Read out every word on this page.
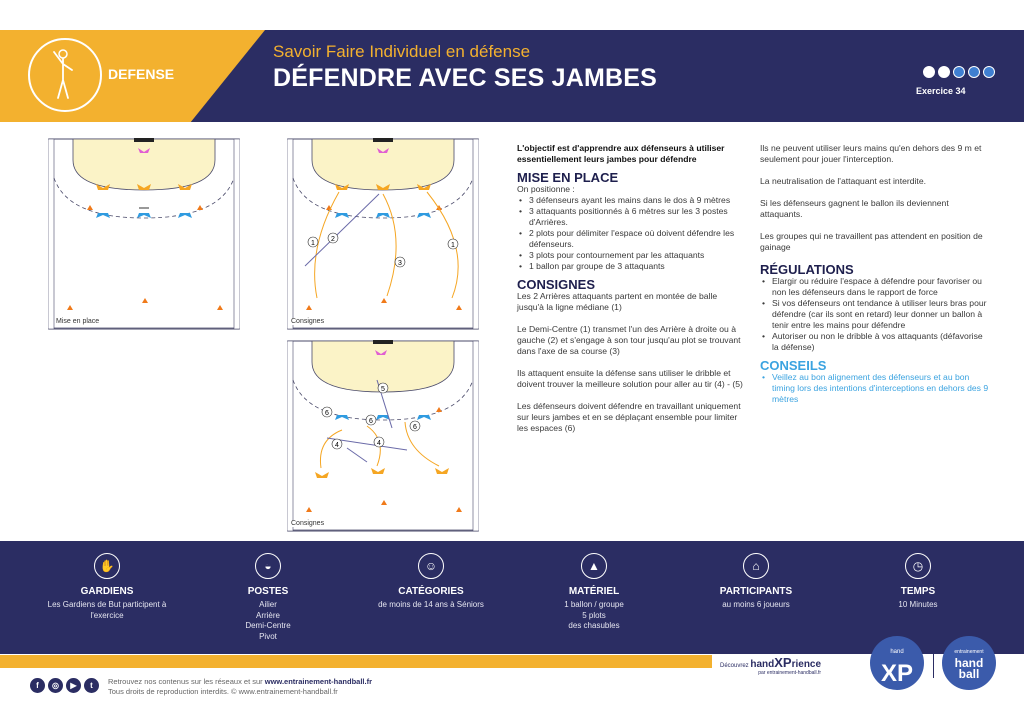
DEFENSE
Savoir Faire Individuel en défense
DÉFENDRE AVEC SES JAMBES	Exercice 34
Mise en place
1
2
3
1
Consignes
5
6
6
6
4	4
Consignes
L'objectif est d'apprendre aux défenseurs à utiliser essentiellement leurs jambes pour défendre
MISE EN PLACE
On positionne :
• 3 défenseurs ayant les mains dans le dos à 9 mètres
• 3 attaquants positionnés à 6 mètres sur les 3 postes d'Arrières.
• 2 plots pour délimiter l'espace où doivent défendre les défenseurs.
• 3 plots pour contournement par les attaquants
• 1 ballon par groupe de 3 attaquants
CONSIGNES

Les 2 Arrières attaquants partent en montée de balle jusqu'à la ligne médiane (1)

Le Demi-Centre (1) transmet l'un des Arrière à droite ou à gauche (2) et s'engage à son tour jusqu'au plot se trouvant dans l'axe de sa course (3)

Ils attaquent ensuite la défense sans utiliser le dribble et doivent trouver la meilleure solution pour aller au tir (4) - (5)

Les défenseurs doivent défendre en travaillant uniquement sur leurs jambes et en se déplaçant ensemble pour limiter les espaces (6)

Ils ne peuvent utiliser leurs mains qu'en dehors des 9 m et seulement pour jouer l'interception.

La neutralisation de l'attaquant est interdite.

Si les défenseurs gagnent le ballon ils deviennent attaquants.

Les groupes qui ne travaillent pas attendent en position de gainage

RÉGULATIONS
• Elargir ou réduire l'espace à défendre pour favoriser ou non les défenseurs dans le rapport de force
• Si vos défenseurs ont tendance à utiliser leurs bras pour défendre (car ils sont en retard) leur donner un ballon à tenir entre les mains pour défendre
• Autoriser ou non le dribble à vos attaquants (défavorise la défense)
CONSEILS
• Veillez au bon alignement des défenseurs et au bon timing lors des intentions d'interceptions en dehors des 9 mètres
✋
GARDIENS
Les Gardiens de But participent à l'exercice
◒
POSTES
Ailier
Arrière
Demi-Centre
Pivot
☺
CATÉGORIES
de moins de 14 ans à Séniors
▲
MATÉRIEL
1 ballon / groupe
5 plots
des chasubles
⌂
PARTICIPANTS
au moins 6 joueurs
◷
TEMPS
10 Minutes
f	◎	▶	t	Retrouvez nos contenus sur les réseaux et sur www.entrainement-handball.fr
Tous droits de reproduction interdits. © www.entrainement-handball.fr
Découvrez handXPrience
par entrainement-handball.fr
hand
XP
entrainement
hand
ball
